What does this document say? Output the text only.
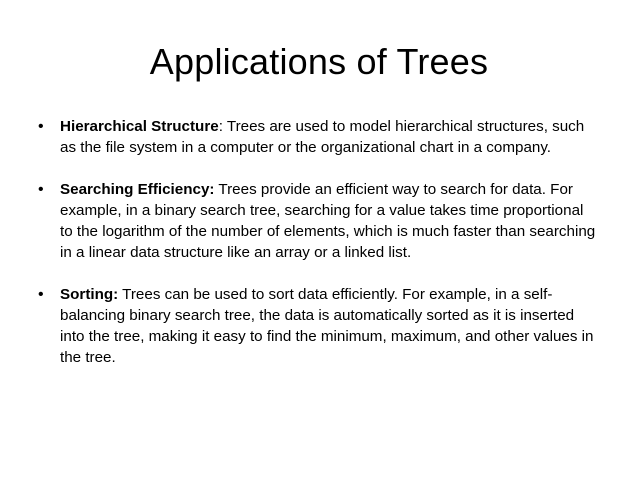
Applications of Trees
• Hierarchical Structure: Trees are used to model hierarchical structures, such as the file system in a computer or the organizational chart in a company.
• Searching Efficiency: Trees provide an efficient way to search for data. For example, in a binary search tree, searching for a value takes time proportional to the logarithm of the number of elements, which is much faster than searching in a linear data structure like an array or a linked list.
• Sorting: Trees can be used to sort data efficiently. For example, in a self-balancing binary search tree, the data is automatically sorted as it is inserted into the tree, making it easy to find the minimum, maximum, and other values in the tree.
